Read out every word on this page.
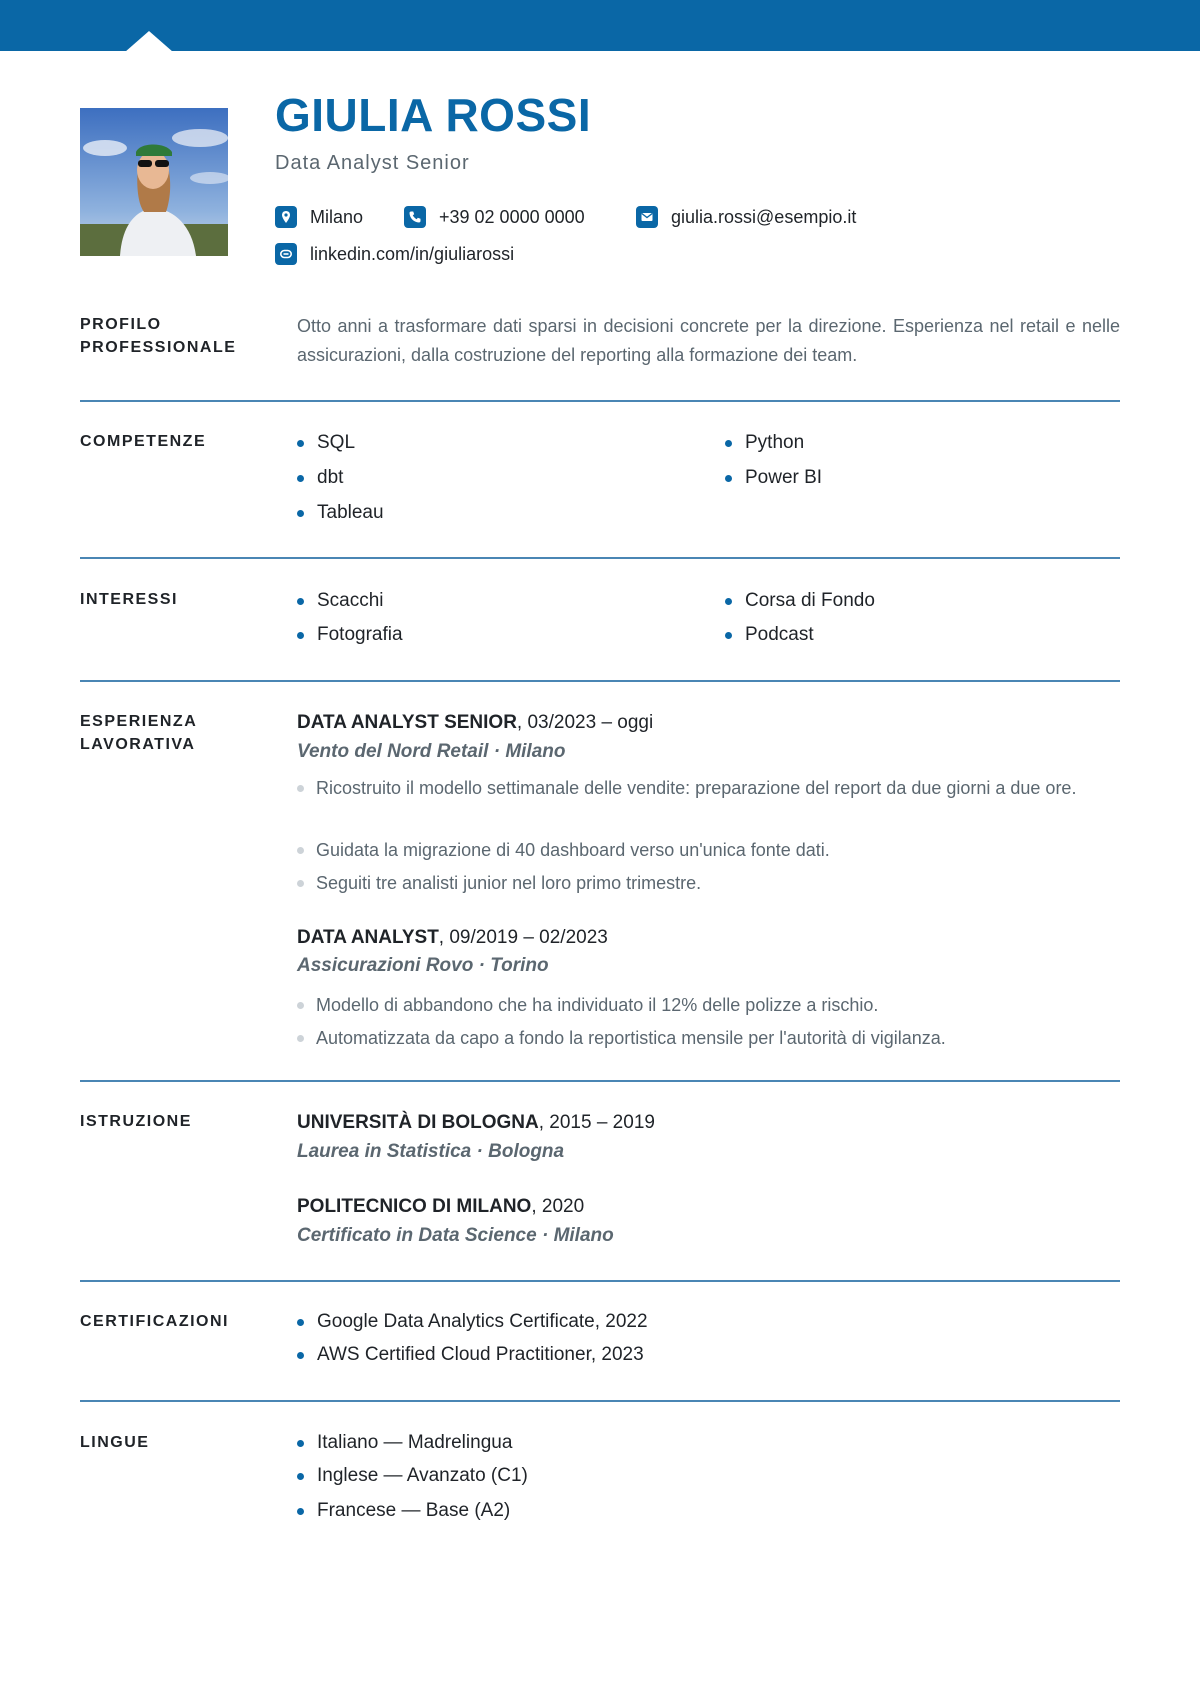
GIULIA ROSSI
Data Analyst Senior
Milano	+39 02 0000 0000	giulia.rossi@esempio.it
linkedin.com/in/giuliarossi
PROFILO
PROFESSIONALE
Otto anni a trasformare dati sparsi in decisioni concrete per la direzione. Esperienza nel retail e nelle assicurazioni, dalla costruzione del reporting alla formazione dei team.
COMPETENZE	SQL	Python
dbt	Power BI
Tableau
INTERESSI	Scacchi	Corsa di Fondo
Fotografia	Podcast
ESPERIENZA
LAVORATIVA
DATA ANALYST SENIOR, 03/2023 – oggi
Vento del Nord Retail · Milano
Ricostruito il modello settimanale delle vendite: preparazione del report da due giorni a due ore.
Guidata la migrazione di 40 dashboard verso un'unica fonte dati.
Seguiti tre analisti junior nel loro primo trimestre.
DATA ANALYST, 09/2019 – 02/2023
Assicurazioni Rovo · Torino
Modello di abbandono che ha individuato il 12% delle polizze a rischio.
Automatizzata da capo a fondo la reportistica mensile per l'autorità di vigilanza.
ISTRUZIONE	UNIVERSITÀ DI BOLOGNA, 2015 – 2019
Laurea in Statistica · Bologna
POLITECNICO DI MILANO, 2020
Certificato in Data Science · Milano
CERTIFICAZIONI	Google Data Analytics Certificate, 2022
AWS Certified Cloud Practitioner, 2023
LINGUE	Italiano — Madrelingua
Inglese — Avanzato (C1)
Francese — Base (A2)
